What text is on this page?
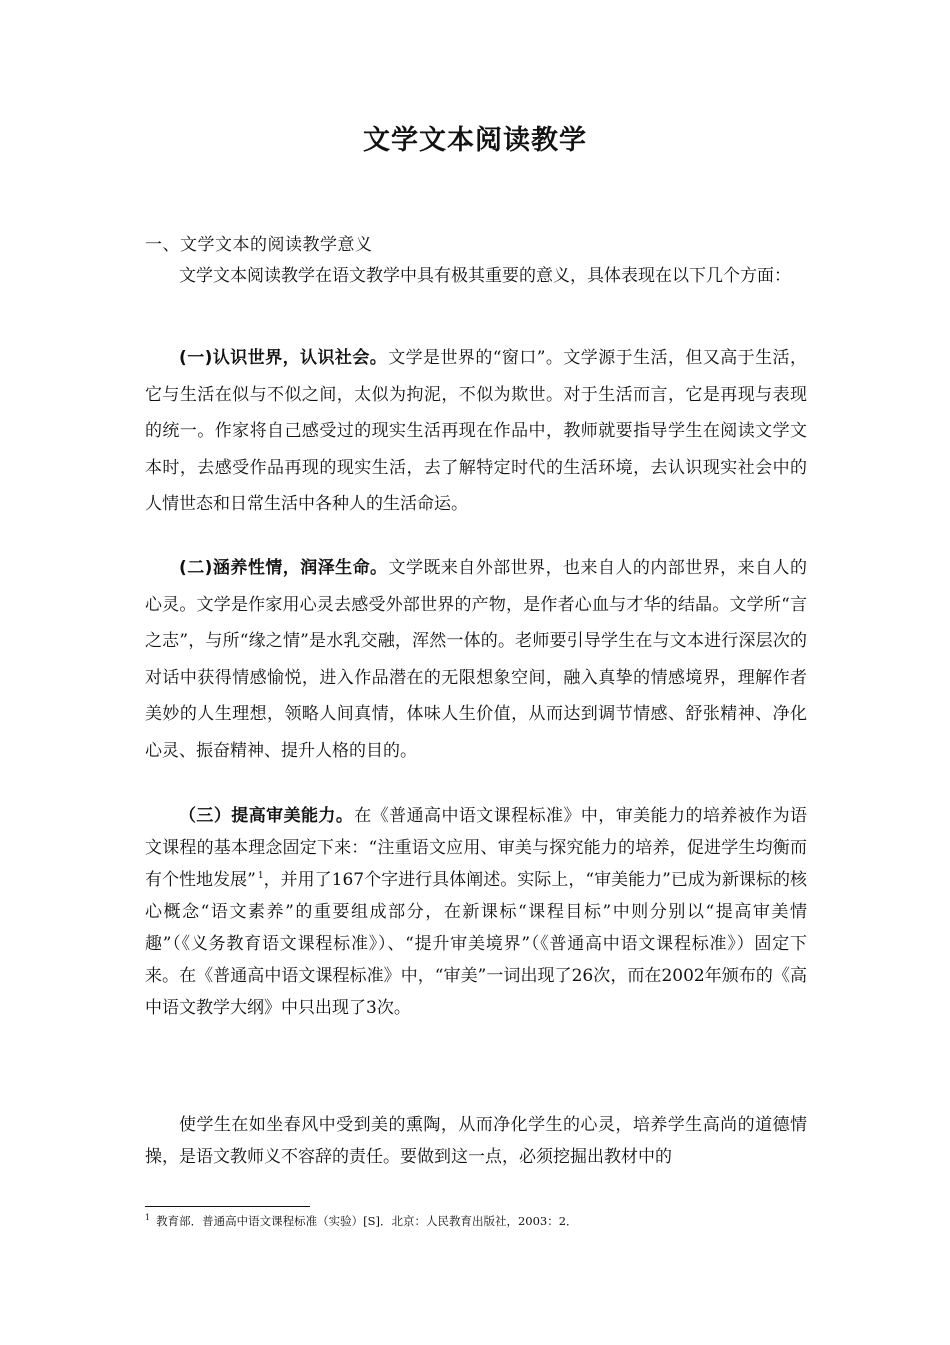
文学文本阅读教学
一、文学文本的阅读教学意义

文学文本阅读教学在语文教学中具有极其重要的意义，具体表现在以下几个方面：

(一)认识世界，认识社会。文学是世界的“窗口”。文学源于生活，但又高于生活，它与生活在似与不似之间，太似为拘泥，不似为欺世。对于生活而言，它是再现与表现的统一。作家将自己感受过的现实生活再现在作品中，教师就要指导学生在阅读文学文本时，去感受作品再现的现实生活，去了解特定时代的生活环境，去认识现实社会中的人情世态和日常生活中各种人的生活命运。

(二)涵养性情，润泽生命。文学既来自外部世界，也来自人的内部世界，来自人的心灵。文学是作家用心灵去感受外部世界的产物，是作者心血与才华的结晶。文学所“言之志”，与所“缘之情”是水乳交融，浑然一体的。老师要引导学生在与文本进行深层次的对话中获得情感愉悦，进入作品潜在的无限想象空间，融入真挚的情感境界，理解作者美妙的人生理想，领略人间真情，体味人生价值，从而达到调节情感、舒张精神、净化心灵、振奋精神、提升人格的目的。

（三）提高审美能力。在《普通高中语文课程标准》中，审美能力的培养被作为语文课程的基本理念固定下来：“注重语文应用、审美与探究能力的培养，促进学生均衡而有个性地发展” $^1$，并用了167个字进行具体阐述。实际上，“审美能力”已成为新课标的核心概念“语文素养”的重要组成部分，在新课标“课程目标”中则分别以“提高审美情趣”（《义务教育语文课程标准》）、“提升审美境界”（《普通高中语文课程标准》）固定下来。在《普通高中语文课程标准》中，“审美”一词出现了26次，而在2002年颁布的《高中语文教学大纲》中只出现了3次。

使学生在如坐春风中受到美的熏陶，从而净化学生的心灵，培养学生高尚的道德情操，是语文教师义不容辞的责任。要做到这一点，必须挖掘出教材中的

$^1$ 教育部．普通高中语文课程标准（实验）[S]．北京：人民教育出版社，2003：2．
